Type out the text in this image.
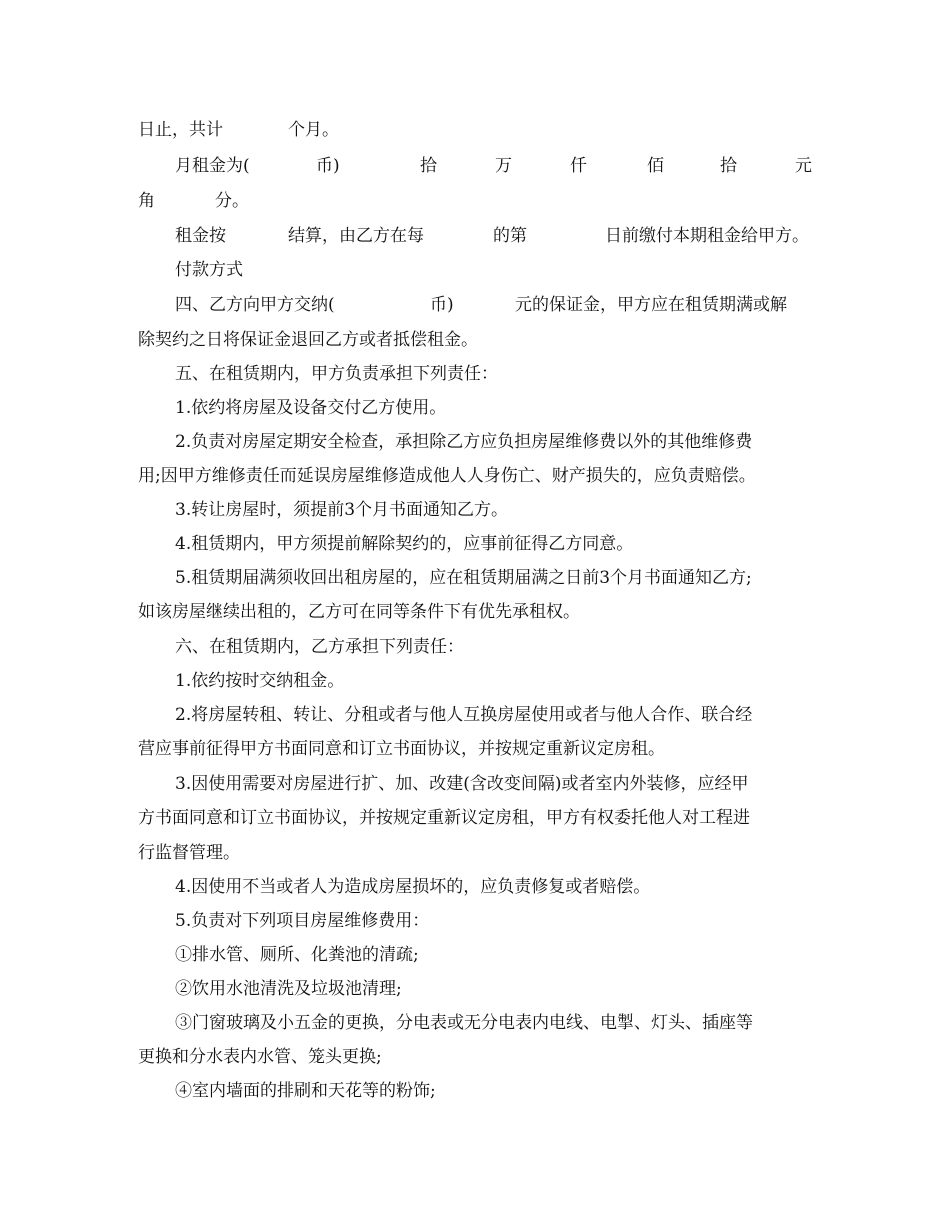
日止，共计	个月。
月租金为(	币)	拾	万	仟	佰	拾	元
角	分。
租金按	结算，由乙方在每	的第	日前缴付本期租金给甲方。
付款方式
四、乙方向甲方交纳(	币)	元的保证金，甲方应在租赁期满或解
除契约之日将保证金退回乙方或者抵偿租金。
五、在租赁期内，甲方负责承担下列责任：
1.依约将房屋及设备交付乙方使用。
2.负责对房屋定期安全检查，承担除乙方应负担房屋维修费以外的其他维修费
用;因甲方维修责任而延误房屋维修造成他人人身伤亡、财产损失的，应负责赔偿。
3.转让房屋时，须提前3个月书面通知乙方。
4.租赁期内，甲方须提前解除契约的，应事前征得乙方同意。
5.租赁期届满须收回出租房屋的，应在租赁期届满之日前3个月书面通知乙方;
如该房屋继续出租的，乙方可在同等条件下有优先承租权。
六、在租赁期内，乙方承担下列责任：
1.依约按时交纳租金。
2.将房屋转租、转让、分租或者与他人互换房屋使用或者与他人合作、联合经
营应事前征得甲方书面同意和订立书面协议，并按规定重新议定房租。
3.因使用需要对房屋进行扩、加、改建(含改变间隔)或者室内外装修，应经甲
方书面同意和订立书面协议，并按规定重新议定房租，甲方有权委托他人对工程进
行监督管理。
4.因使用不当或者人为造成房屋损坏的，应负责修复或者赔偿。
5.负责对下列项目房屋维修费用：
①排水管、厕所、化粪池的清疏;
②饮用水池清洗及垃圾池清理;
③门窗玻璃及小五金的更换，分电表或无分电表内电线、电掣、灯头、插座等
更换和分水表内水管、笼头更换;
④室内墙面的排刷和天花等的粉饰;
